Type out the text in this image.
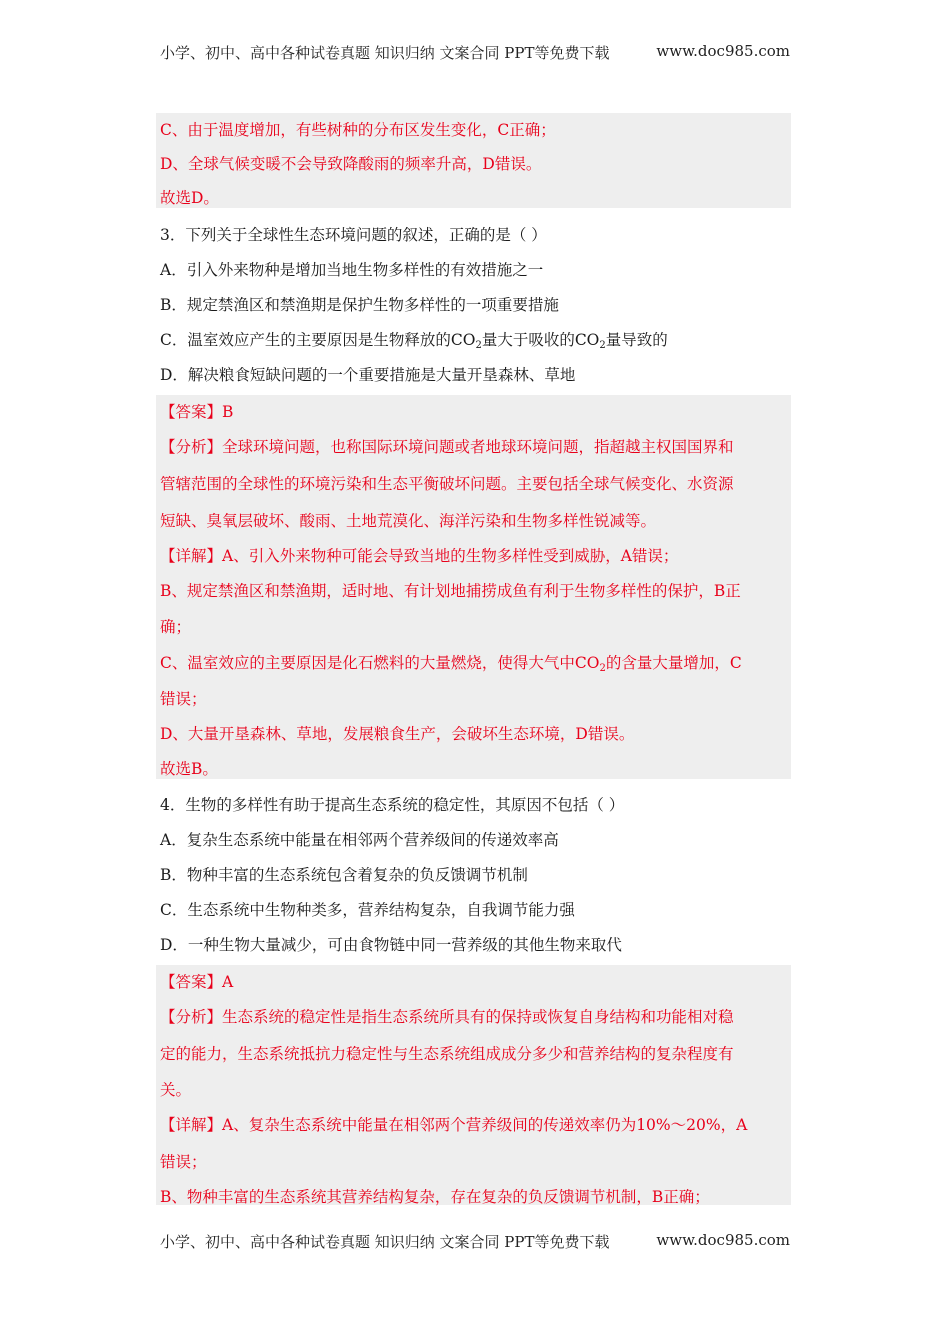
小学、初中、高中各种试卷真题 知识归纳 文案合同 PPT等免费下载	www.doc985.com
C、由于温度增加，有些树种的分布区发生变化，C正确；
D、全球气候变暖不会导致降酸雨的频率升高，D错误。
故选D。
3．下列关于全球性生态环境问题的叙述，正确的是（ ）
A．引入外来物种是增加当地生物多样性的有效措施之一
B．规定禁渔区和禁渔期是保护生物多样性的一项重要措施
C．温室效应产生的主要原因是生物释放的$CO_2$量大于吸收的$CO_2$量导致的
D．解决粮食短缺问题的一个重要措施是大量开垦森林、草地
【答案】B
【分析】全球环境问题，也称国际环境问题或者地球环境问题，指超越主权国国界和
管辖范围的全球性的环境污染和生态平衡破坏问题。主要包括全球气候变化、水资源
短缺、臭氧层破坏、酸雨、土地荒漠化、海洋污染和生物多样性锐减等。
【详解】A、引入外来物种可能会导致当地的生物多样性受到威胁，A错误；
B、规定禁渔区和禁渔期，适时地、有计划地捕捞成鱼有利于生物多样性的保护，B正
确；
C、温室效应的主要原因是化石燃料的大量燃烧，使得大气中$CO_2$的含量大量增加，C
错误；
D、大量开垦森林、草地，发展粮食生产，会破坏生态环境，D错误。
故选B。
4．生物的多样性有助于提高生态系统的稳定性，其原因不包括（ ）
A．复杂生态系统中能量在相邻两个营养级间的传递效率高
B．物种丰富的生态系统包含着复杂的负反馈调节机制
C．生态系统中生物种类多，营养结构复杂，自我调节能力强
D．一种生物大量减少，可由食物链中同一营养级的其他生物来取代
【答案】A
【分析】生态系统的稳定性是指生态系统所具有的保持或恢复自身结构和功能相对稳
定的能力，生态系统抵抗力稳定性与生态系统组成成分多少和营养结构的复杂程度有
关。
【详解】A、复杂生态系统中能量在相邻两个营养级间的传递效率仍为10%～20%，A
错误；
B、物种丰富的生态系统其营养结构复杂，存在复杂的负反馈调节机制，B正确；
小学、初中、高中各种试卷真题 知识归纳 文案合同 PPT等免费下载	www.doc985.com
